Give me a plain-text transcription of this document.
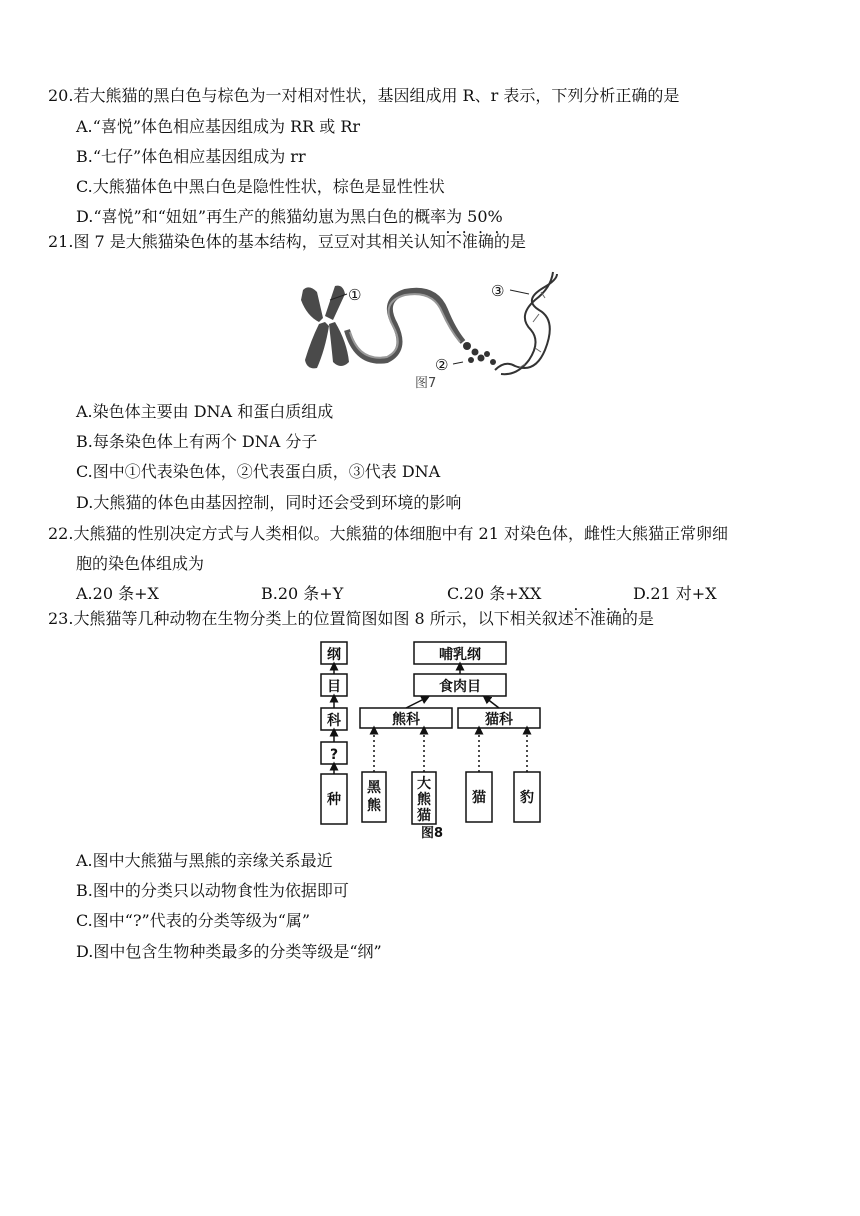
20.若大熊猫的黑白色与棕色为一对相对性状，基因组成用 R、r 表示，下列分析正确的是
A.“喜悦”体色相应基因组成为 RR 或 Rr
B.“七仔”体色相应基因组成为 rr
C.大熊猫体色中黑白色是隐性性状，棕色是显性性状
D.“喜悦”和“妞妞”再生产的熊猫幼崽为黑白色的概率为 50%
21.图 7 是大熊猫染色体的基本结构，豆豆对其相关认知不准确 • • • •的是
①
②
③
图7
A.染色体主要由 DNA 和蛋白质组成
B.每条染色体上有两个 DNA 分子
C.图中①代表染色体，②代表蛋白质，③代表 DNA
D.大熊猫的体色由基因控制，同时还会受到环境的影响
22.大熊猫的性别决定方式与人类相似。大熊猫的体细胞中有 21 对染色体，雌性大熊猫正常卵细
胞的染色体组成为
A.20 条+X	B.20 条+Y	C.20 条+XX	D.21 对+X
23.大熊猫等几种动物在生物分类上的位置简图如图 8 所示，以下相关叙述不准确 • • • •的是
纲
目
科
?
种
哺乳纲
食肉目
熊科	猫科
黑
熊
大
熊
猫
猫 豹
图8
A.图中大熊猫与黑熊的亲缘关系最近
B.图中的分类只以动物食性为依据即可
C.图中“?”代表的分类等级为“属”
D.图中包含生物种类最多的分类等级是“纲”
